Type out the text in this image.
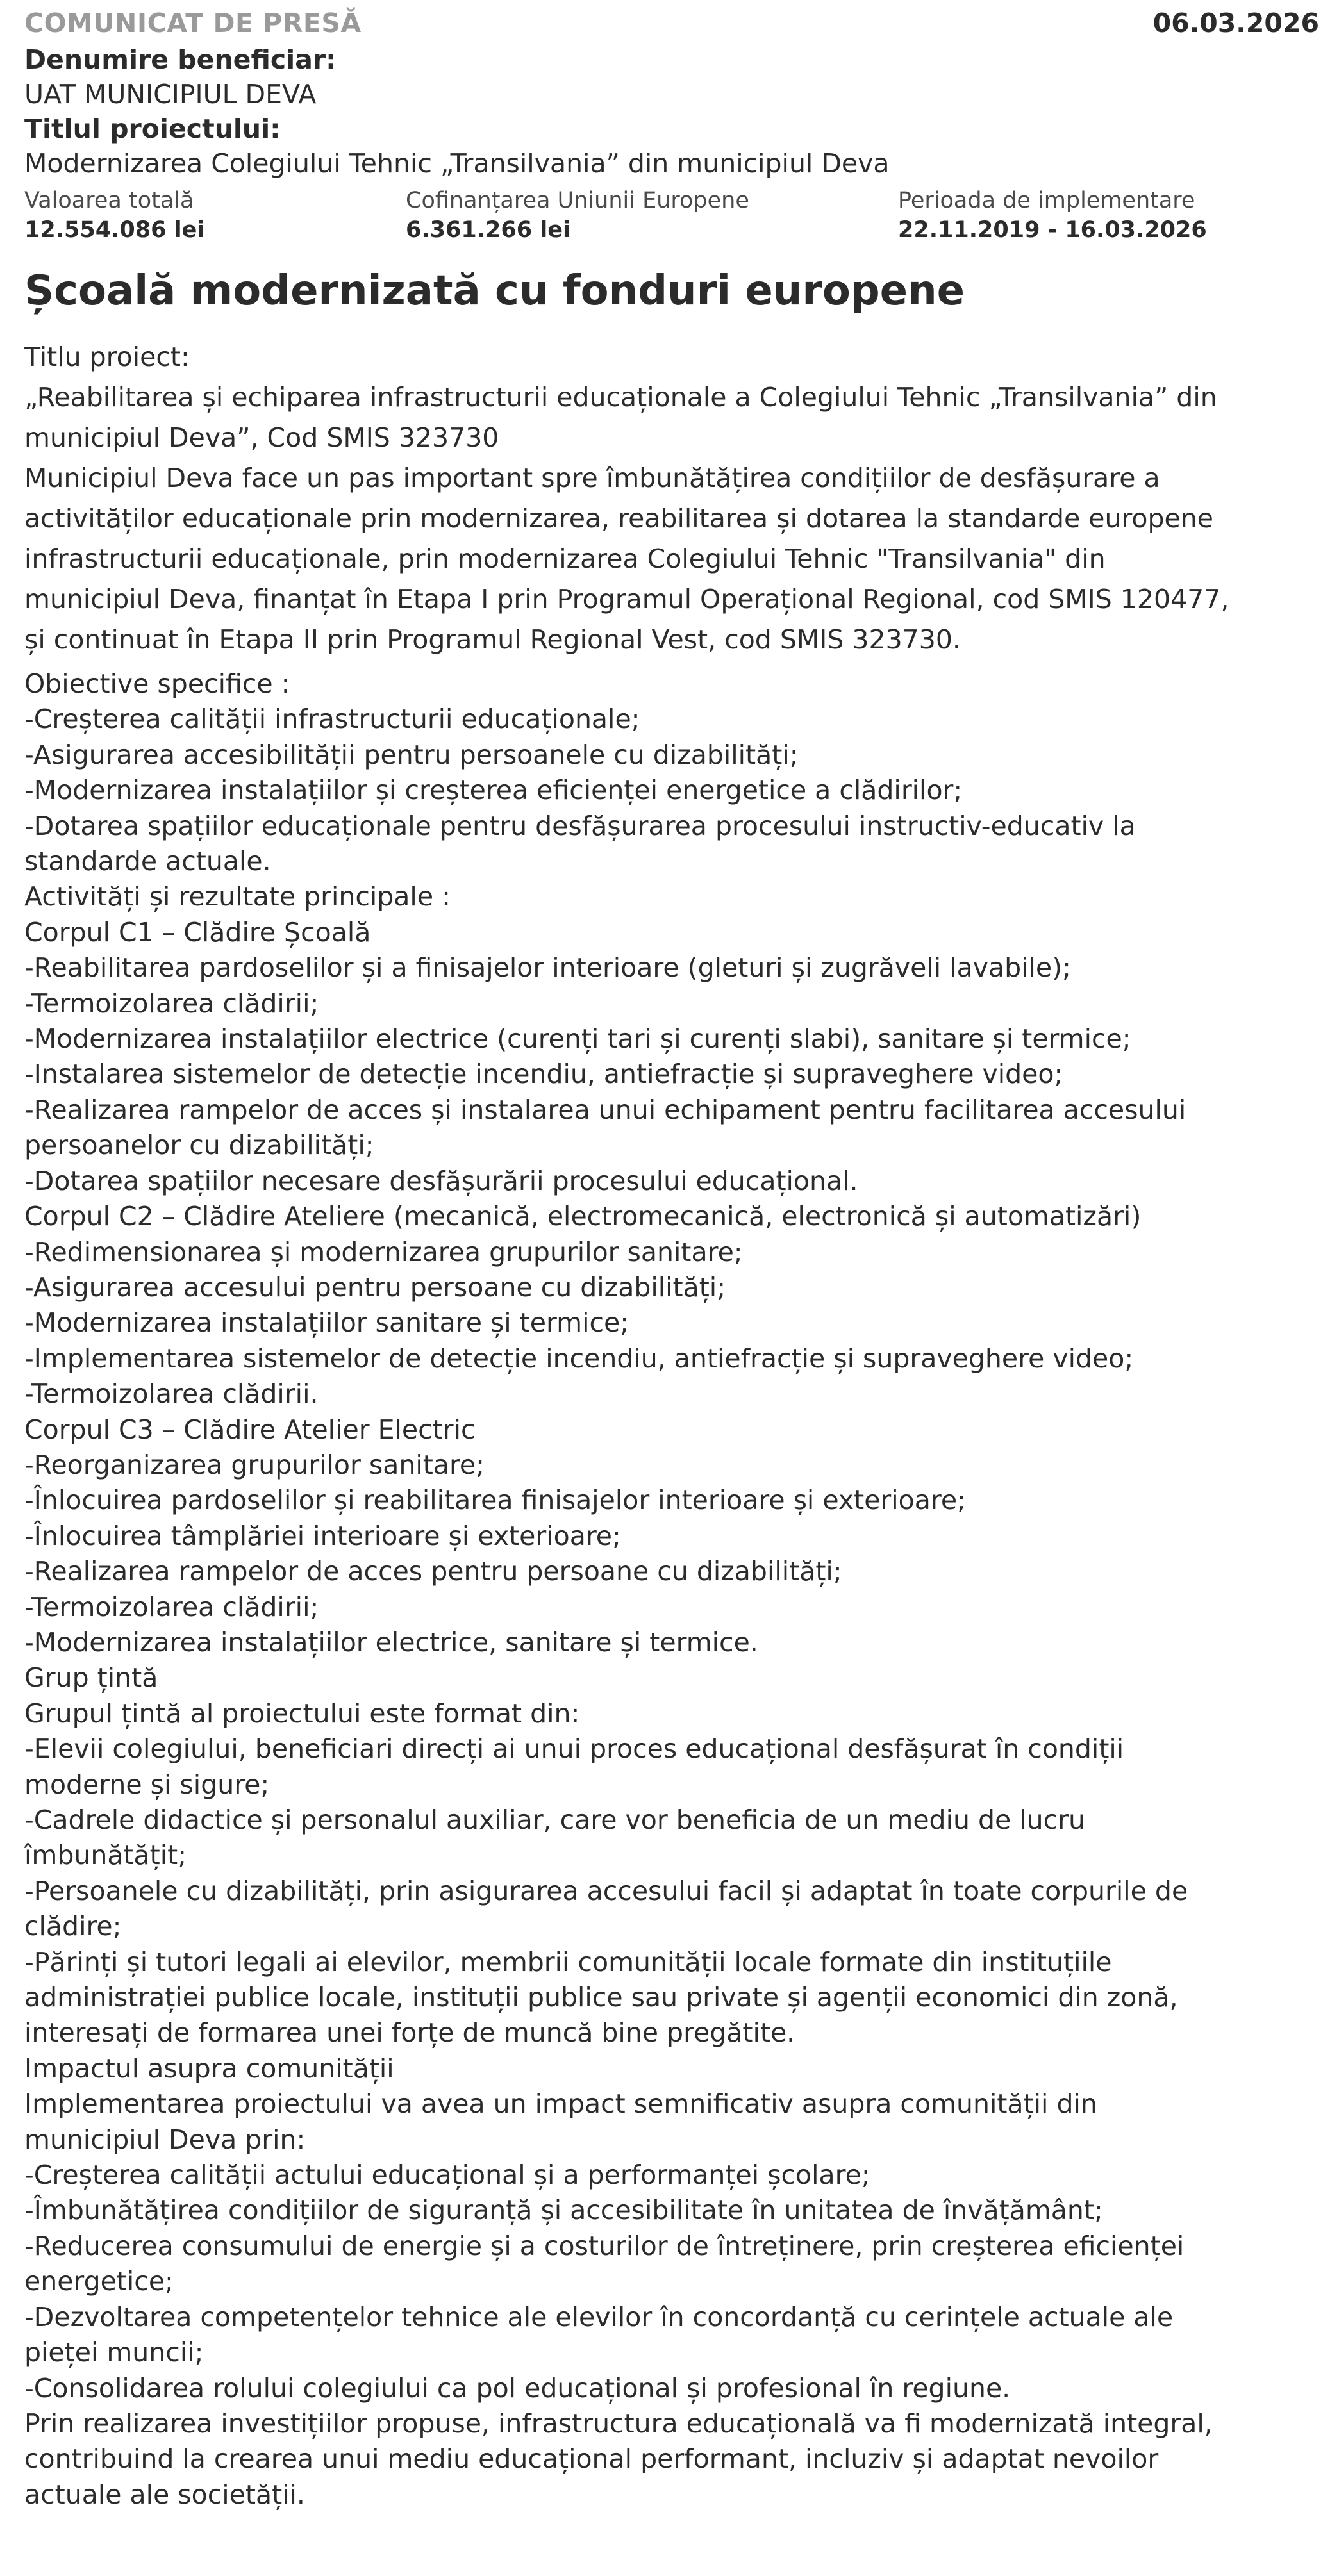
COMUNICAT DE PRESĂ	06.03.2026

Denumire beneficiar:

UAT MUNICIPIUL DEVA

Titlul proiectului:

Modernizarea Colegiului Tehnic „Transilvania” din municipiul Deva

Valoarea totală
12.554.086 lei
Cofinanțarea Uniunii Europene
6.361.266 lei
Perioada de implementare
22.11.2019 - 16.03.2026
Școală modernizată cu fonduri europene

Titlu proiect:

„Reabilitarea și echiparea infrastructurii educaționale a Colegiului Tehnic „Transilvania” din

municipiul Deva”, Cod SMIS 323730

Municipiul Deva face un pas important spre îmbunătățirea condițiilor de desfășurare a

activităților educaționale prin modernizarea, reabilitarea și dotarea la standarde europene

infrastructurii educaționale, prin modernizarea Colegiului Tehnic "Transilvania" din

municipiul Deva, finanțat în Etapa I prin Programul Operațional Regional, cod SMIS 120477,

și continuat în Etapa II prin Programul Regional Vest, cod SMIS 323730.

Obiective specifice :

-Creșterea calității infrastructurii educaționale;

-Asigurarea accesibilității pentru persoanele cu dizabilități;

-Modernizarea instalațiilor și creșterea eficienței energetice a clădirilor;

-Dotarea spațiilor educaționale pentru desfășurarea procesului instructiv-educativ la

standarde actuale.

Activități și rezultate principale :

Corpul C1 – Clădire Școală

-Reabilitarea pardoselilor și a finisajelor interioare (gleturi și zugrăveli lavabile);

-Termoizolarea clădirii;

-Modernizarea instalațiilor electrice (curenți tari și curenți slabi), sanitare și termice;

-Instalarea sistemelor de detecție incendiu, antiefracție și supraveghere video;

-Realizarea rampelor de acces și instalarea unui echipament pentru facilitarea accesului

persoanelor cu dizabilități;

-Dotarea spațiilor necesare desfășurării procesului educațional.

Corpul C2 – Clădire Ateliere (mecanică, electromecanică, electronică și automatizări)

-Redimensionarea și modernizarea grupurilor sanitare;

-Asigurarea accesului pentru persoane cu dizabilități;

-Modernizarea instalațiilor sanitare și termice;

-Implementarea sistemelor de detecție incendiu, antiefracție și supraveghere video;

-Termoizolarea clădirii.

Corpul C3 – Clădire Atelier Electric

-Reorganizarea grupurilor sanitare;

-Înlocuirea pardoselilor și reabilitarea finisajelor interioare și exterioare;

-Înlocuirea tâmplăriei interioare și exterioare;

-Realizarea rampelor de acces pentru persoane cu dizabilități;

-Termoizolarea clădirii;

-Modernizarea instalațiilor electrice, sanitare și termice.

Grup țintă

Grupul țintă al proiectului este format din:

-Elevii colegiului, beneficiari direcți ai unui proces educațional desfășurat în condiții

moderne și sigure;

-Cadrele didactice și personalul auxiliar, care vor beneficia de un mediu de lucru

îmbunătățit;

-Persoanele cu dizabilități, prin asigurarea accesului facil și adaptat în toate corpurile de

clădire;

-Părinți și tutori legali ai elevilor, membrii comunității locale formate din instituțiile

administrației publice locale, instituții publice sau private și agenții economici din zonă,

interesați de formarea unei forțe de muncă bine pregătite.

Impactul asupra comunității

Implementarea proiectului va avea un impact semnificativ asupra comunității din

municipiul Deva prin:

-Creșterea calității actului educațional și a performanței școlare;

-Îmbunătățirea condițiilor de siguranță și accesibilitate în unitatea de învățământ;

-Reducerea consumului de energie și a costurilor de întreținere, prin creșterea eficienței

energetice;

-Dezvoltarea competențelor tehnice ale elevilor în concordanță cu cerințele actuale ale

pieței muncii;

-Consolidarea rolului colegiului ca pol educațional și profesional în regiune.

Prin realizarea investițiilor propuse, infrastructura educațională va fi modernizată integral,

contribuind la crearea unui mediu educațional performant, incluziv și adaptat nevoilor

actuale ale societății.
